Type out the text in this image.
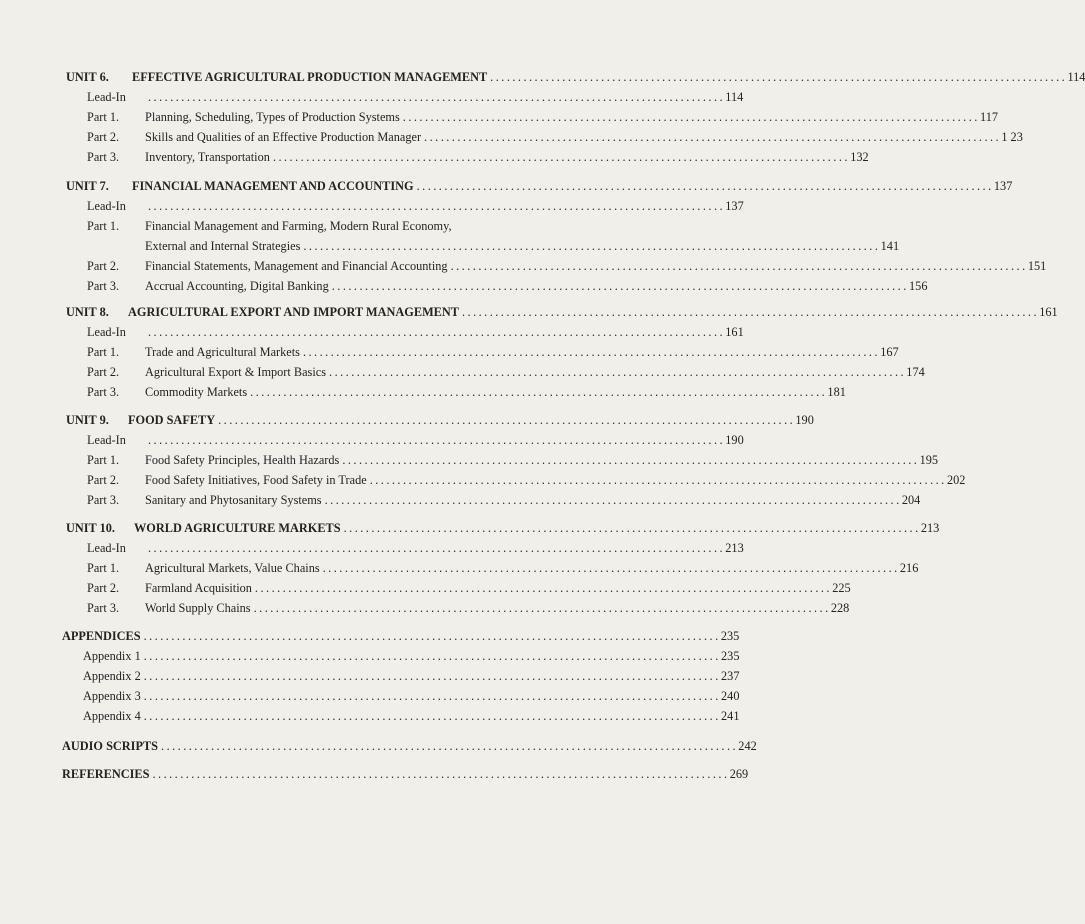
UNIT 6.	EFFECTIVE AGRICULTURAL PRODUCTION MANAGEMENT . . .	114
Lead-In . . .	114
Part 1.	Planning, Scheduling, Types of Production Systems . . .	117
Part 2.	Skills and Qualities of an Effective Production Manager . . .	1 23
Part 3.	Inventory, Transportation . . .	132
UNIT 7.	FINANCIAL MANAGEMENT AND ACCOUNTING . . .	137
Lead-In . . .	137
Part 1.	Financial Management and Farming, Modern Rural Economy,
External and Internal Strategies . . .	141
Part 2.	Financial Statements, Management and Financial Accounting . . .	151
Part 3.	Accrual Accounting, Digital Banking . . .	156
UNIT 8.	AGRICULTURAL EXPORT AND IMPORT MANAGEMENT . . .	161
Lead-In . . .	161
Part 1.	Trade and Agricultural Markets . . .	167
Part 2.	Agricultural Export & Import Basics . . .	174
Part 3.	Commodity Markets . . .	181
UNIT 9.	FOOD SAFETY . . .	190
Lead-In . . .	190
Part 1.	Food Safety Principles, Health Hazards . . .	195
Part 2.	Food Safety Initiatives, Food Safety in Trade . . .	202
Part 3.	Sanitary and Phytosanitary Systems . . .	204
UNIT 10.	WORLD AGRICULTURE MARKETS . . .	213
Lead-In . . .	213
Part 1.	Agricultural Markets, Value Chains . . .	216
Part 2.	Farmland Acquisition . . .	225
Part 3.	World Supply Chains . . .	228
APPENDICES . . .	235
Appendix 1 . . .	235
Appendix 2 . . .	237
Appendix 3 . . .	240
Appendix 4 . . .	241
AUDIO SCRIPTS . . .	242
REFERENCIES . . .	269
